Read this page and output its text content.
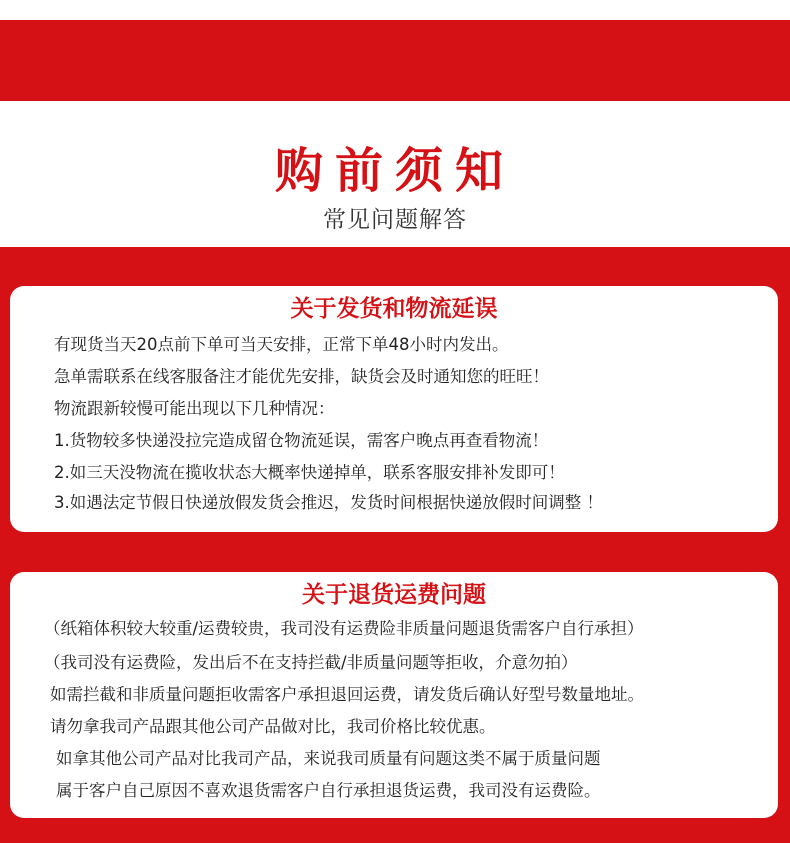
购前须知
常见问题解答
关于发货和物流延误
有现货当天20点前下单可当天安排，正常下单48小时内发出。
急单需联系在线客服备注才能优先安排，缺货会及时通知您的旺旺！
物流跟新较慢可能出现以下几种情况：
1.货物较多快递没拉完造成留仓物流延误，需客户晚点再查看物流！
2.如三天没物流在揽收状态大概率快递掉单，联系客服安排补发即可！
3.如遇法定节假日快递放假发货会推迟，发货时间根据快递放假时间调整 ！
关于退货运费问题
（纸箱体积较大较重/运费较贵，我司没有运费险非质量问题退货需客户自行承担）
（我司没有运费险，发出后不在支持拦截/非质量问题等拒收，介意勿拍）
如需拦截和非质量问题拒收需客户承担退回运费，请发货后确认好型号数量地址。
请勿拿我司产品跟其他公司产品做对比，我司价格比较优惠。
如拿其他公司产品对比我司产品，来说我司质量有问题这类不属于质量问题
属于客户自己原因不喜欢退货需客户自行承担退货运费，我司没有运费险。
